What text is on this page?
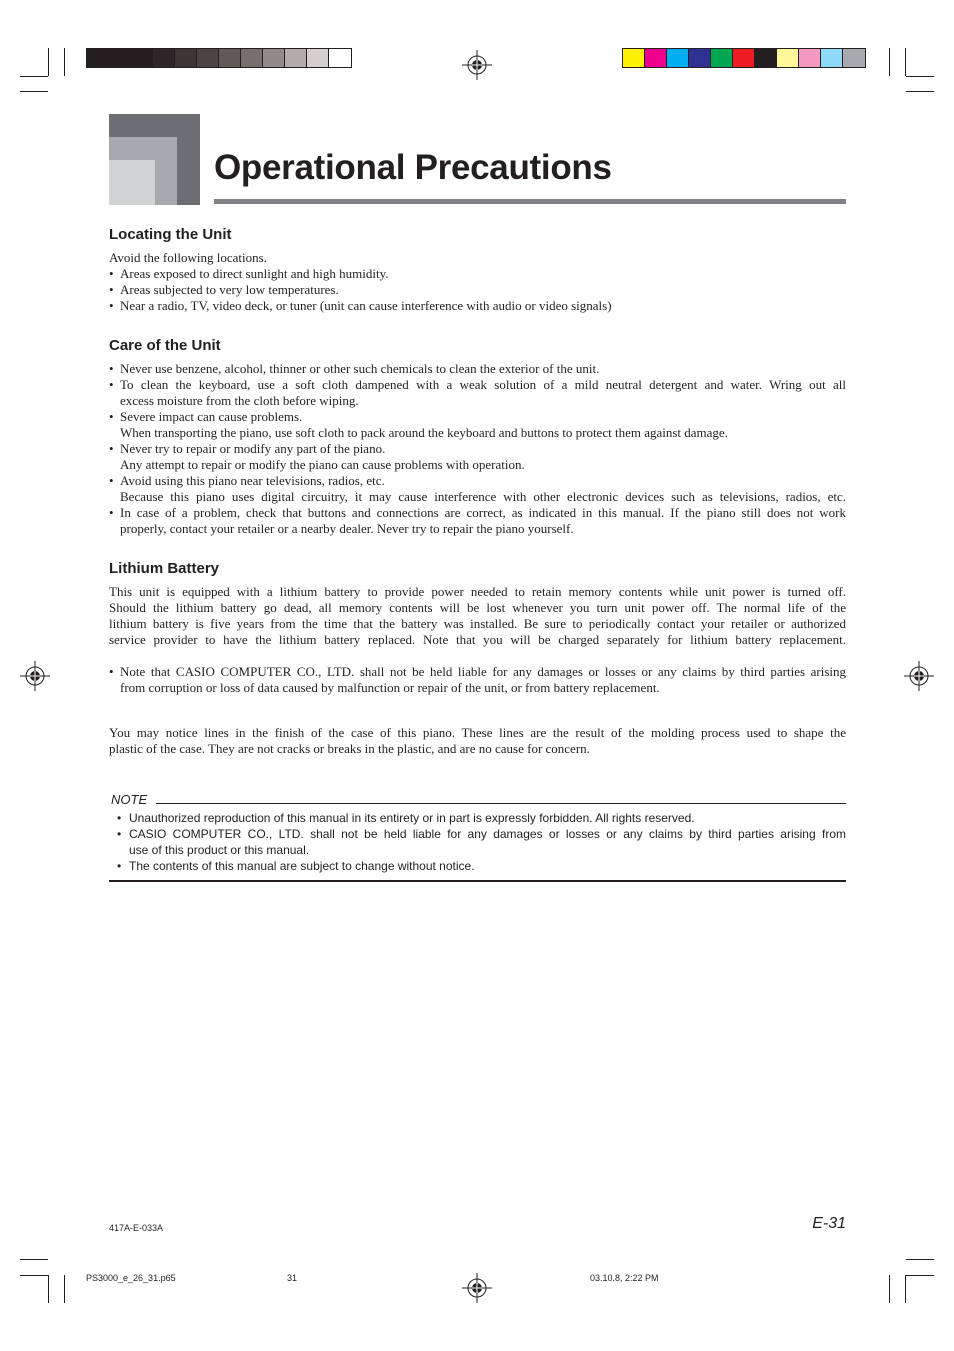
Operational Precautions
Locating the Unit
Avoid the following locations.
• Areas exposed to direct sunlight and high humidity.
• Areas subjected to very low temperatures.
• Near a radio, TV, video deck, or tuner (unit can cause interference with audio or video signals)
Care of the Unit
• Never use benzene, alcohol, thinner or other such chemicals to clean the exterior of the unit.
• To clean the keyboard, use a soft cloth dampened with a weak solution of a mild neutral detergent and water. Wring out all
excess moisture from the cloth before wiping.
• Severe impact can cause problems.
When transporting the piano, use soft cloth to pack around the keyboard and buttons to protect them against damage.
• Never try to repair or modify any part of the piano.
Any attempt to repair or modify the piano can cause problems with operation.
• Avoid using this piano near televisions, radios, etc.
Because this piano uses digital circuitry, it may cause interference with other electronic devices such as televisions, radios, etc.
• In case of a problem, check that buttons and connections are correct, as indicated in this manual. If the piano still does not work
properly, contact your retailer or a nearby dealer. Never try to repair the piano yourself.
Lithium Battery
This unit is equipped with a lithium battery to provide power needed to retain memory contents while unit power is turned off.
Should the lithium battery go dead, all memory contents will be lost whenever you turn unit power off. The normal life of the
lithium battery is five years from the time that the battery was installed. Be sure to periodically contact your retailer or authorized
service provider to have the lithium battery replaced. Note that you will be charged separately for lithium battery replacement.
• Note that CASIO COMPUTER CO., LTD. shall not be held liable for any damages or losses or any claims by third parties arising
from corruption or loss of data caused by malfunction or repair of the unit, or from battery replacement.
You may notice lines in the finish of the case of this piano. These lines are the result of the molding process used to shape the
plastic of the case. They are not cracks or breaks in the plastic, and are no cause for concern.
NOTE
• Unauthorized reproduction of this manual in its entirety or in part is expressly forbidden. All rights reserved.
• CASIO COMPUTER CO., LTD. shall not be held liable for any damages or losses or any claims by third parties arising from
use of this product or this manual.
• The contents of this manual are subject to change without notice.
417A-E-033A	E-31
PS3000_e_26_31.p65	31	03.10.8, 2:22 PM
